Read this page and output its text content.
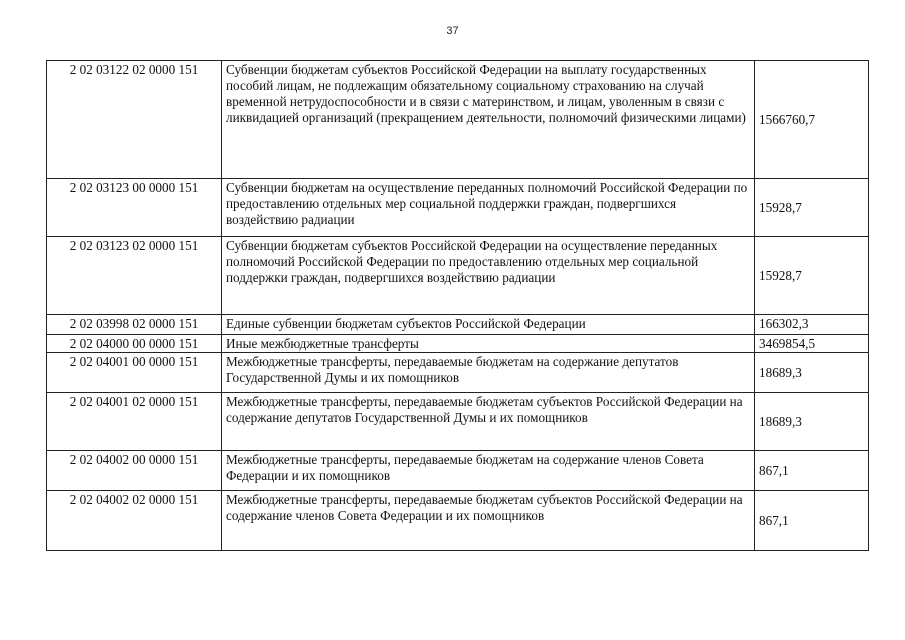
37
2 02 03122 02 0000 151	Субвенции бюджетам субъектов Российской Федерации на выплату государственных пособий лицам, не подлежащим обязательному социальному страхованию на случай временной нетрудоспособности и в связи с материнством, и лицам, уволенным в связи с ликвидацией организаций (прекращением деятельности, полномочий физическими лицами)	1566760,7
2 02 03123 00 0000 151	Субвенции бюджетам на осуществление переданных полномочий Российской Федерации по предоставлению отдельных мер социальной поддержки граждан, подвергшихся воздействию радиации	15928,7
2 02 03123 02 0000 151	Субвенции бюджетам субъектов Российской Федерации на осуществление переданных полномочий Российской Федерации по предоставлению отдельных мер социальной поддержки граждан, подвергшихся воздействию радиации	15928,7
2 02 03998 02 0000 151	Единые субвенции бюджетам субъектов Российской Федерации	166302,3
2 02 04000 00 0000 151	Иные межбюджетные трансферты	3469854,5
2 02 04001 00 0000 151	Межбюджетные трансферты, передаваемые бюджетам на содержание депутатов Государственной Думы и их помощников	18689,3
2 02 04001 02 0000 151	Межбюджетные трансферты, передаваемые бюджетам субъектов Российской Федерации на содержание депутатов Государственной Думы и их помощников	18689,3
2 02 04002 00 0000 151	Межбюджетные трансферты, передаваемые бюджетам на содержание членов Совета Федерации и их помощников	867,1
2 02 04002 02 0000 151	Межбюджетные трансферты, передаваемые бюджетам субъектов Российской Федерации на содержание членов Совета Федерации и их помощников	867,1
